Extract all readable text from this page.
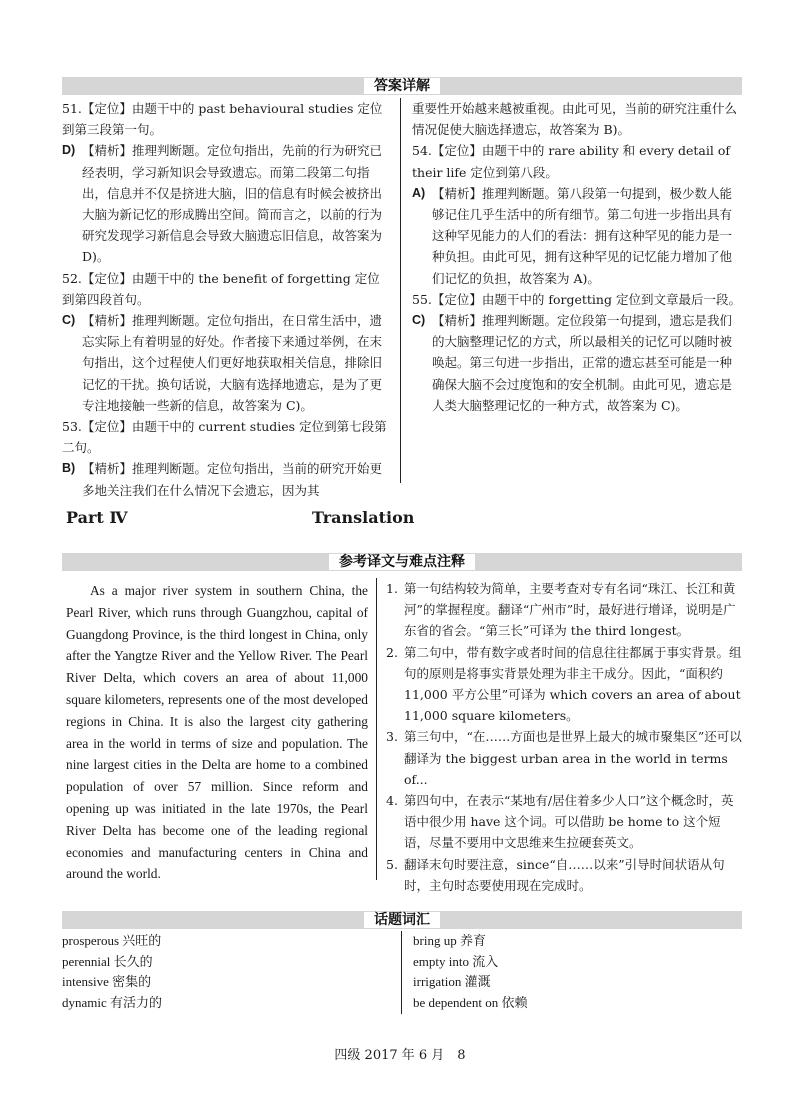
答案详解

51.【定位】由题干中的 past behavioural studies 定位到第三段第一句。

D) 【精析】推理判断题。定位句指出，先前的行为研究已经表明，学习新知识会导致遗忘。而第二段第二句指出，信息并不仅是挤进大脑，旧的信息有时候会被挤出大脑为新记忆的形成腾出空间。简而言之，以前的行为研究发现学习新信息会导致大脑遗忘旧信息，故答案为 D)。

52.【定位】由题干中的 the benefit of forgetting 定位到第四段首句。

C) 【精析】推理判断题。定位句指出，在日常生活中，遗忘实际上有着明显的好处。作者接下来通过举例，在末句指出，这个过程使人们更好地获取相关信息，排除旧记忆的干扰。换句话说，大脑有选择地遗忘，是为了更专注地接触一些新的信息，故答案为 C)。

53.【定位】由题干中的 current studies 定位到第七段第二句。

B) 【精析】推理判断题。定位句指出，当前的研究开始更多地关注我们在什么情况下会遗忘，因为其

重要性开始越来越被重视。由此可见，当前的研究注重什么情况促使大脑选择遗忘，故答案为 B)。

54.【定位】由题干中的 rare ability 和 every detail of their life 定位到第八段。

A) 【精析】推理判断题。第八段第一句提到，极少数人能够记住几乎生活中的所有细节。第二句进一步指出具有这种罕见能力的人们的看法：拥有这种罕见的能力是一种负担。由此可见，拥有这种罕见的记忆能力增加了他们记忆的负担，故答案为 A)。

55.【定位】由题干中的 forgetting 定位到文章最后一段。

C) 【精析】推理判断题。定位段第一句提到，遗忘是我们的大脑整理记忆的方式，所以最相关的记忆可以随时被唤起。第三句进一步指出，正常的遗忘甚至可能是一种确保大脑不会过度饱和的安全机制。由此可见，遗忘是人类大脑整理记忆的一种方式，故答案为 C)。
Part Ⅳ	Translation
参考译文与难点注释
As a major river system in southern China, the Pearl River, which runs through Guangzhou, capital of Guangdong Province, is the third longest in China, only after the Yangtze River and the Yellow River. The Pearl River Delta, which covers an area of about 11,000 square kilometers, represents one of the most developed regions in China. It is also the largest city gathering area in the world in terms of size and population. The nine largest cities in the Delta are home to a combined population of over 57 million. Since reform and opening up was initiated in the late 1970s, the Pearl River Delta has become one of the leading regional economies and manufacturing centers in China and around the world.
1. 第一句结构较为简单，主要考查对专有名词“珠江、长江和黄河”的掌握程度。翻译“广州市”时，最好进行增译，说明是广东省的省会。“第三长”可译为 the third longest。
2. 第二句中，带有数字或者时间的信息往往都属于事实背景。组句的原则是将事实背景处理为非主干成分。因此，“面积约 11,000 平方公里”可译为 which covers an area of about 11,000 square kilometers。
3. 第三句中，“在……方面也是世界上最大的城市聚集区”还可以翻译为 the biggest urban area in the world in terms of...
4. 第四句中，在表示“某地有/居住着多少人口”这个概念时，英语中很少用 have 这个词。可以借助 be home to 这个短语，尽量不要用中文思维来生拉硬套英文。
5. 翻译末句时要注意，since“自……以来”引导时间状语从句时，主句时态要使用现在完成时。
话题词汇
prosperous 兴旺的
perennial 长久的
intensive 密集的
dynamic 有活力的
bring up 养育
empty into 流入
irrigation 灌溉
be dependent on 依赖
四级 2017 年 6 月　8
